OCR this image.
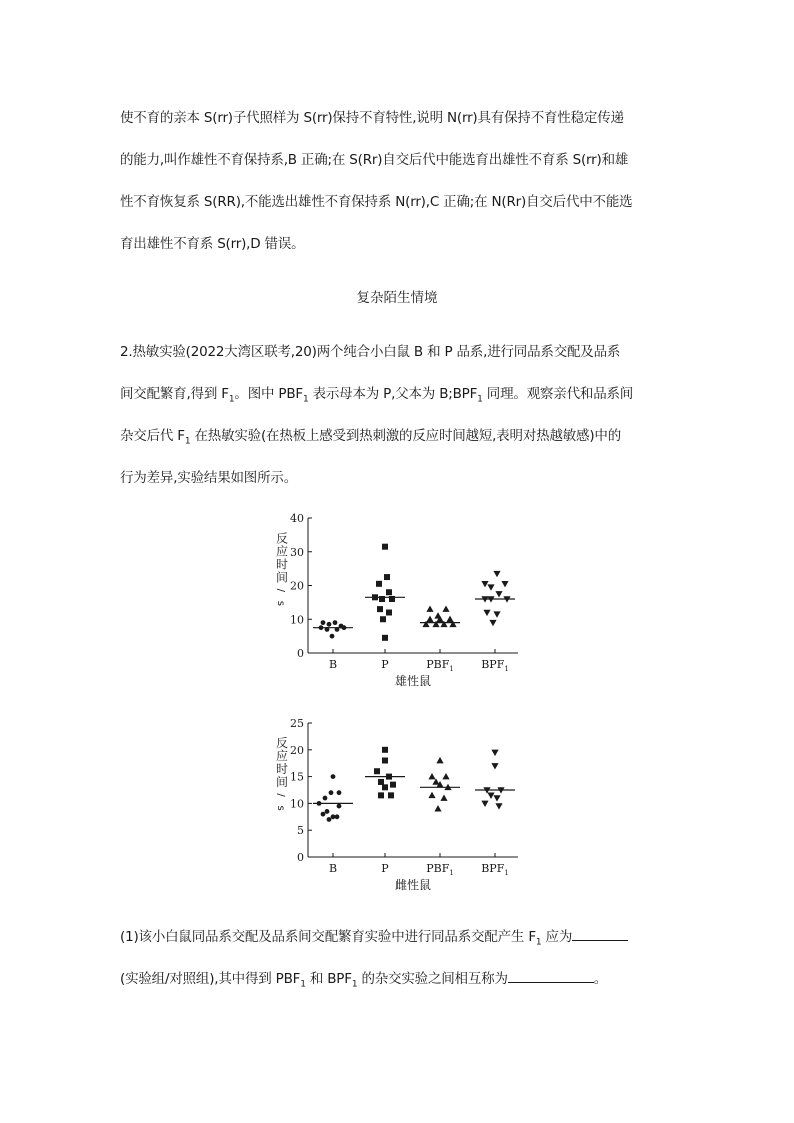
使不育的亲本 S(rr)子代照样为 S(rr)保持不育特性,说明 N(rr)具有保持不育性稳定传递
的能力,叫作雄性不育保持系,B 正确;在 S(Rr)自交后代中能选育出雄性不育系 S(rr)和雄
性不育恢复系 S(RR),不能选出雄性不育保持系 N(rr),C 正确;在 N(Rr)自交后代中不能选
育出雄性不育系 S(rr),D 错误。
复杂陌生情境
2.热敏实验(2022大湾区联考,20)两个纯合小白鼠 B 和 P 品系,进行同品系交配及品系
间交配繁育,得到 $F_1$。图中 $PBF_1$ 表示母本为 P,父本为 $B;BPF_1$ 同理。观察亲代和品系间
杂交后代 $F_1$ 在热敏实验(在热板上感受到热刺激的反应时间越短,表明对热越敏感)中的
行为差异,实验结果如图所示。
0
10
20
30
40
B	P	$PBF_1$ $BPF_1$
雄性鼠
反
应
时
间
/
s
0
5
10
15
20
25
B	P	$PBF_1$ $BPF_1$
雌性鼠
反
应
时
间
/
s
(1)该小白鼠同品系交配及品系间交配繁育实验中进行同品系交配产生 $F_1$ 应为
(实验组/对照组),其中得到 $PBF_1$ 和 $BPF_1$ 的杂交实验之间相互称为	。
